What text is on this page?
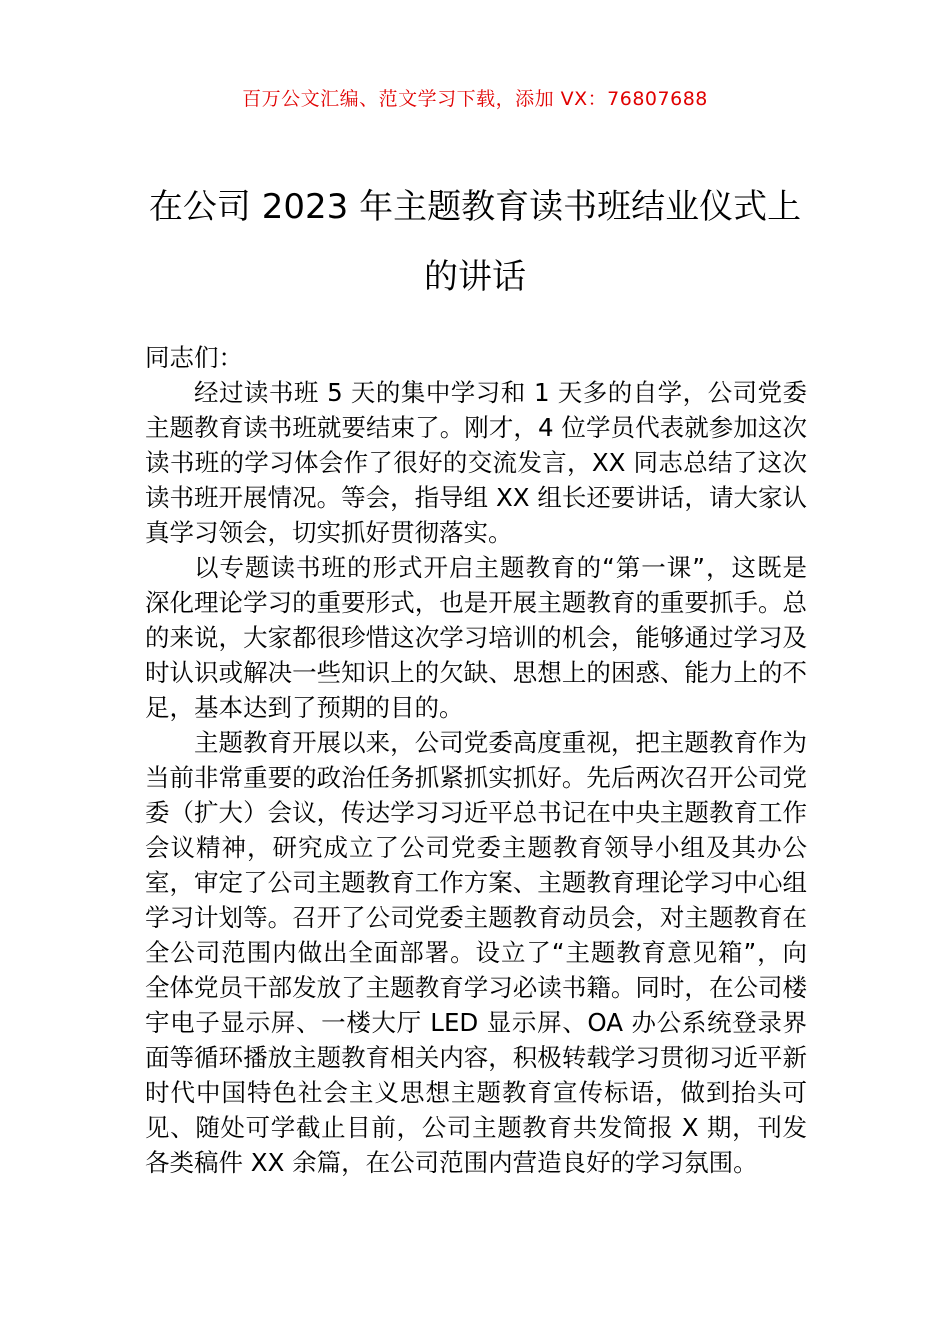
百万公文汇编、范文学习下载，添加 VX：76807688
在公司 2023 年主题教育读书班结业仪式上
的讲话

同志们：

经过读书班 5 天的集中学习和 1 天多的自学，公司党委主题教育读书班就要结束了。刚才，4 位学员代表就参加这次读书班的学习体会作了很好的交流发言，XX 同志总结了这次读书班开展情况。等会，指导组 XX 组长还要讲话，请大家认真学习领会，切实抓好贯彻落实。

以专题读书班的形式开启主题教育的“第一课”，这既是深化理论学习的重要形式，也是开展主题教育的重要抓手。总的来说，大家都很珍惜这次学习培训的机会，能够通过学习及时认识或解决一些知识上的欠缺、思想上的困惑、能力上的不足，基本达到了预期的目的。

主题教育开展以来，公司党委高度重视，把主题教育作为当前非常重要的政治任务抓紧抓实抓好。先后两次召开公司党委（扩大）会议，传达学习习近平总书记在中央主题教育工作会议精神，研究成立了公司党委主题教育领导小组及其办公室，审定了公司主题教育工作方案、主题教育理论学习中心组学习计划等。召开了公司党委主题教育动员会，对主题教育在全公司范围内做出全面部署。设立了“主题教育意见箱”，向全体党员干部发放了主题教育学习必读书籍。同时，在公司楼宇电子显示屏、一楼大厅 LED 显示屏、OA 办公系统登录界面等循环播放主题教育相关内容，积极转载学习贯彻习近平新时代中国特色社会主义思想主题教育宣传标语，做到抬头可见、随处可学截止目前，公司主题教育共发简报 X 期，刊发各类稿件 XX 余篇，在公司范围内营造良好的学习氛围。
